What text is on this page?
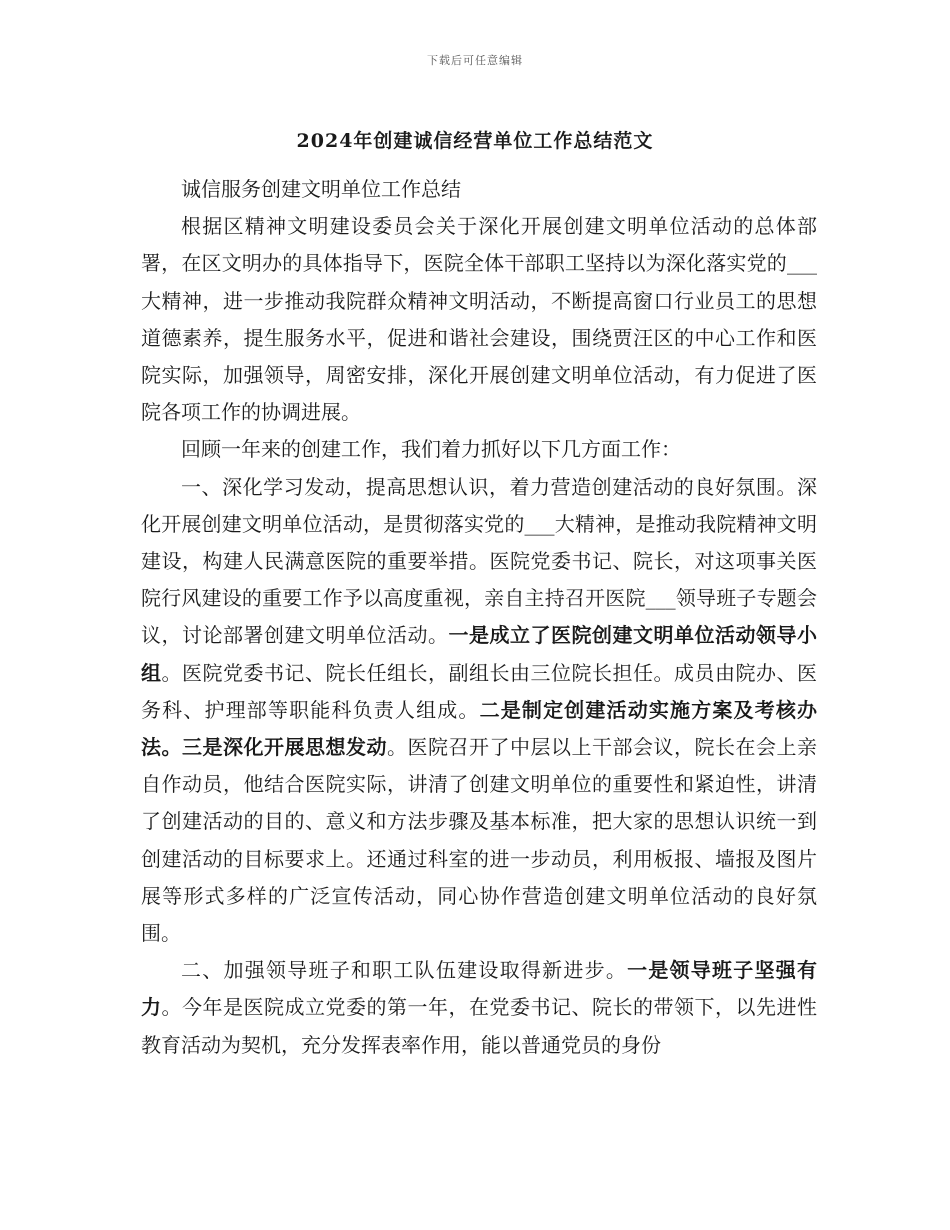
下载后可任意编辑
2024年创建诚信经营单位工作总结范文

诚信服务创建文明单位工作总结

根据区精神文明建设委员会关于深化开展创建文明单位活动的总体部署，在区文明办的具体指导下，医院全体干部职工坚持以为深化落实党的___大精神，进一步推动我院群众精神文明活动，不断提高窗口行业员工的思想道德素养，提生服务水平，促进和谐社会建设，围绕贾汪区的中心工作和医院实际，加强领导，周密安排，深化开展创建文明单位活动，有力促进了医院各项工作的协调进展。

回顾一年来的创建工作，我们着力抓好以下几方面工作：

一、深化学习发动，提高思想认识，着力营造创建活动的良好氛围。深化开展创建文明单位活动，是贯彻落实党的___大精神，是推动我院精神文明建设，构建人民满意医院的重要举措。医院党委书记、院长，对这项事关医院行风建设的重要工作予以高度重视，亲自主持召开医院___领导班子专题会议，讨论部署创建文明单位活动。一是成立了医院创建文明单位活动领导小组。医院党委书记、院长任组长，副组长由三位院长担任。成员由院办、医务科、护理部等职能科负责人组成。二是制定创建活动实施方案及考核办法。三是深化开展思想发动。医院召开了中层以上干部会议，院长在会上亲自作动员，他结合医院实际，讲清了创建文明单位的重要性和紧迫性，讲清了创建活动的目的、意义和方法步骤及基本标准，把大家的思想认识统一到创建活动的目标要求上。还通过科室的进一步动员，利用板报、墙报及图片展等形式多样的广泛宣传活动，同心协作营造创建文明单位活动的良好氛围。

二、加强领导班子和职工队伍建设取得新进步。一是领导班子坚强有力。今年是医院成立党委的第一年，在党委书记、院长的带领下，以先进性教育活动为契机，充分发挥表率作用，能以普通党员的身份
